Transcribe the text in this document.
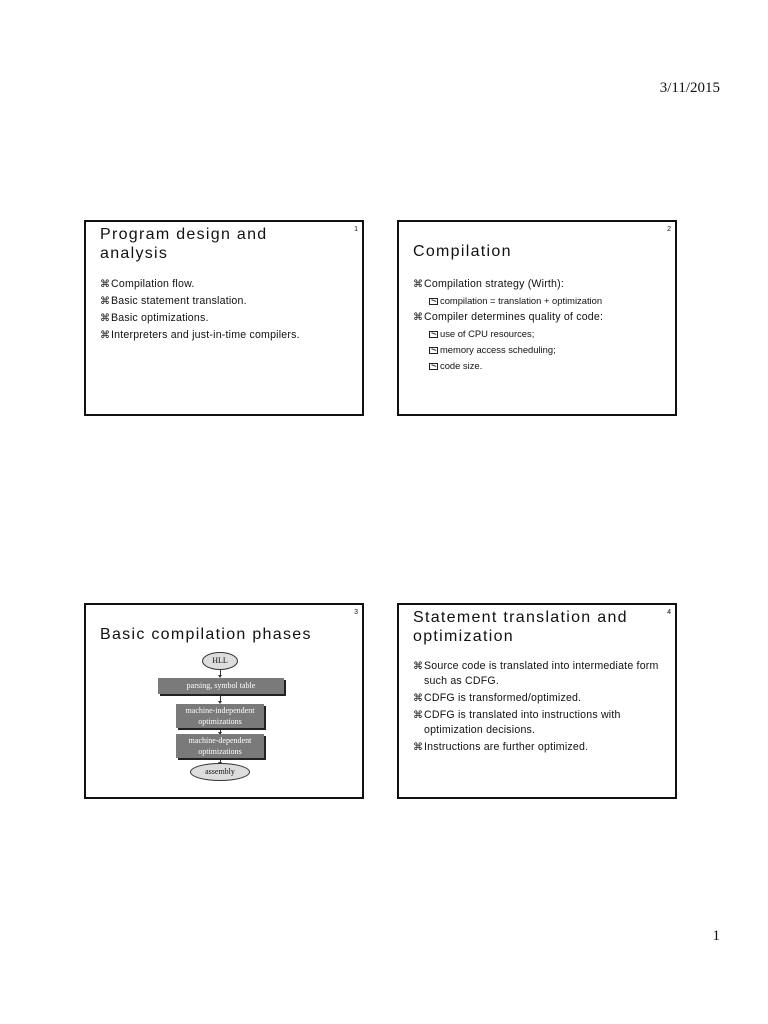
3/11/2015
1
Program design and
analysis
⌘Compilation flow.
⌘Basic statement translation.
⌘Basic optimizations.
⌘Interpreters and just-in-time compilers.
2
Compilation
⌘Compilation strategy (Wirth):
compilation = translation + optimization
⌘Compiler determines quality of code:
use of CPU resources;
memory access scheduling;
code size.
3
Basic compilation phases
HLL
parsing, symbol table
machine-independent optimizations
machine-dependent optimizations
assembly
4
Statement translation and
optimization
⌘Source code is translated into intermediate form such as CDFG.
⌘CDFG is transformed/optimized.
⌘CDFG is translated into instructions with optimization decisions.
⌘Instructions are further optimized.
1
